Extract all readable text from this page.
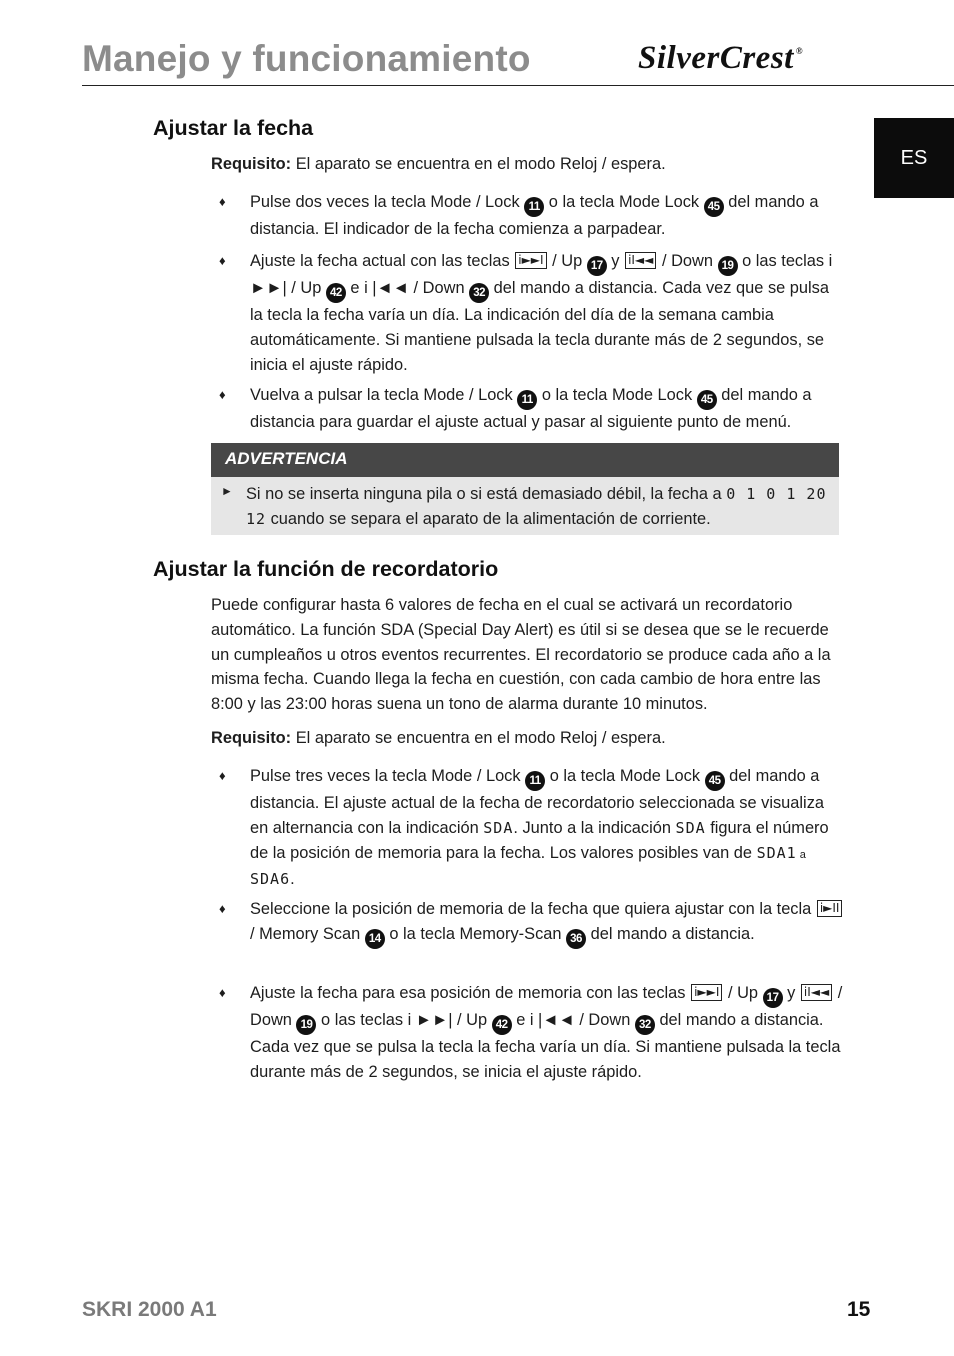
Manejo y funcionamiento	SilverCrest ®
ES
Ajustar la fecha

Requisito: El aparato se encuentra en el modo Reloj / espera.

♦ Pulse dos veces la tecla Mode / Lock 11 o la tecla Mode Lock 45 del mando a distancia. El indicador de la fecha comienza a parpadear.
♦ Ajuste la fecha actual con las teclas i►►I / Up 17 y iI◄◄ / Down 19 o las teclas i ►►| / Up 42 e i |◄◄ / Down 32 del mando a distancia. Cada vez que se pulsa la tecla la fecha varía un día. La indicación del día de la semana cambia automáticamente. Si mantiene pulsada la tecla durante más de 2 segundos, se inicia el ajuste rápido.
♦ Vuelva a pulsar la tecla Mode / Lock 11 o la tecla Mode Lock 45 del mando a distancia para guardar el ajuste actual y pasar al siguiente punto de menú.
ADVERTENCIA
► Si no se inserta ninguna pila o si está demasiado débil, la fecha a 0 1 0 1 20 12 cuando se separa el aparato de la alimentación de corriente.
Ajustar la función de recordatorio

Puede configurar hasta 6 valores de fecha en el cual se activará un recordatorio automático. La función SDA (Special Day Alert) es útil si se desea que se le recuerde un cumpleaños u otros eventos recurrentes. El recordatorio se produce cada año a la misma fecha. Cuando llega la fecha en cuestión, con cada cambio de hora entre las 8:00 y las 23:00 horas suena un tono de alarma durante 10 minutos.

Requisito: El aparato se encuentra en el modo Reloj / espera.

♦ Pulse tres veces la tecla Mode / Lock 11 o la tecla Mode Lock 45 del mando a distancia. El ajuste actual de la fecha de recordatorio seleccionada se visualiza en alternancia con la indicación SDA. Junto a la indicación SDA figura el número de la posición de memoria para la fecha. Los valores posibles van de SDA1 a SDA6.
♦ Seleccione la posición de memoria de la fecha que quiera ajustar con la tecla i►II / Memory Scan 14 o la tecla Memory-Scan 36 del mando a distancia.
♦ Ajuste la fecha para esa posición de memoria con las teclas i►►I / Up 17 y iI◄◄ / Down 19 o las teclas i ►►| / Up 42 e i |◄◄ / Down 32 del mando a distancia. Cada vez que se pulsa la tecla la fecha varía un día. Si mantiene pulsada la tecla durante más de 2 segundos, se inicia el ajuste rápido.
SKRI 2000 A1	15
